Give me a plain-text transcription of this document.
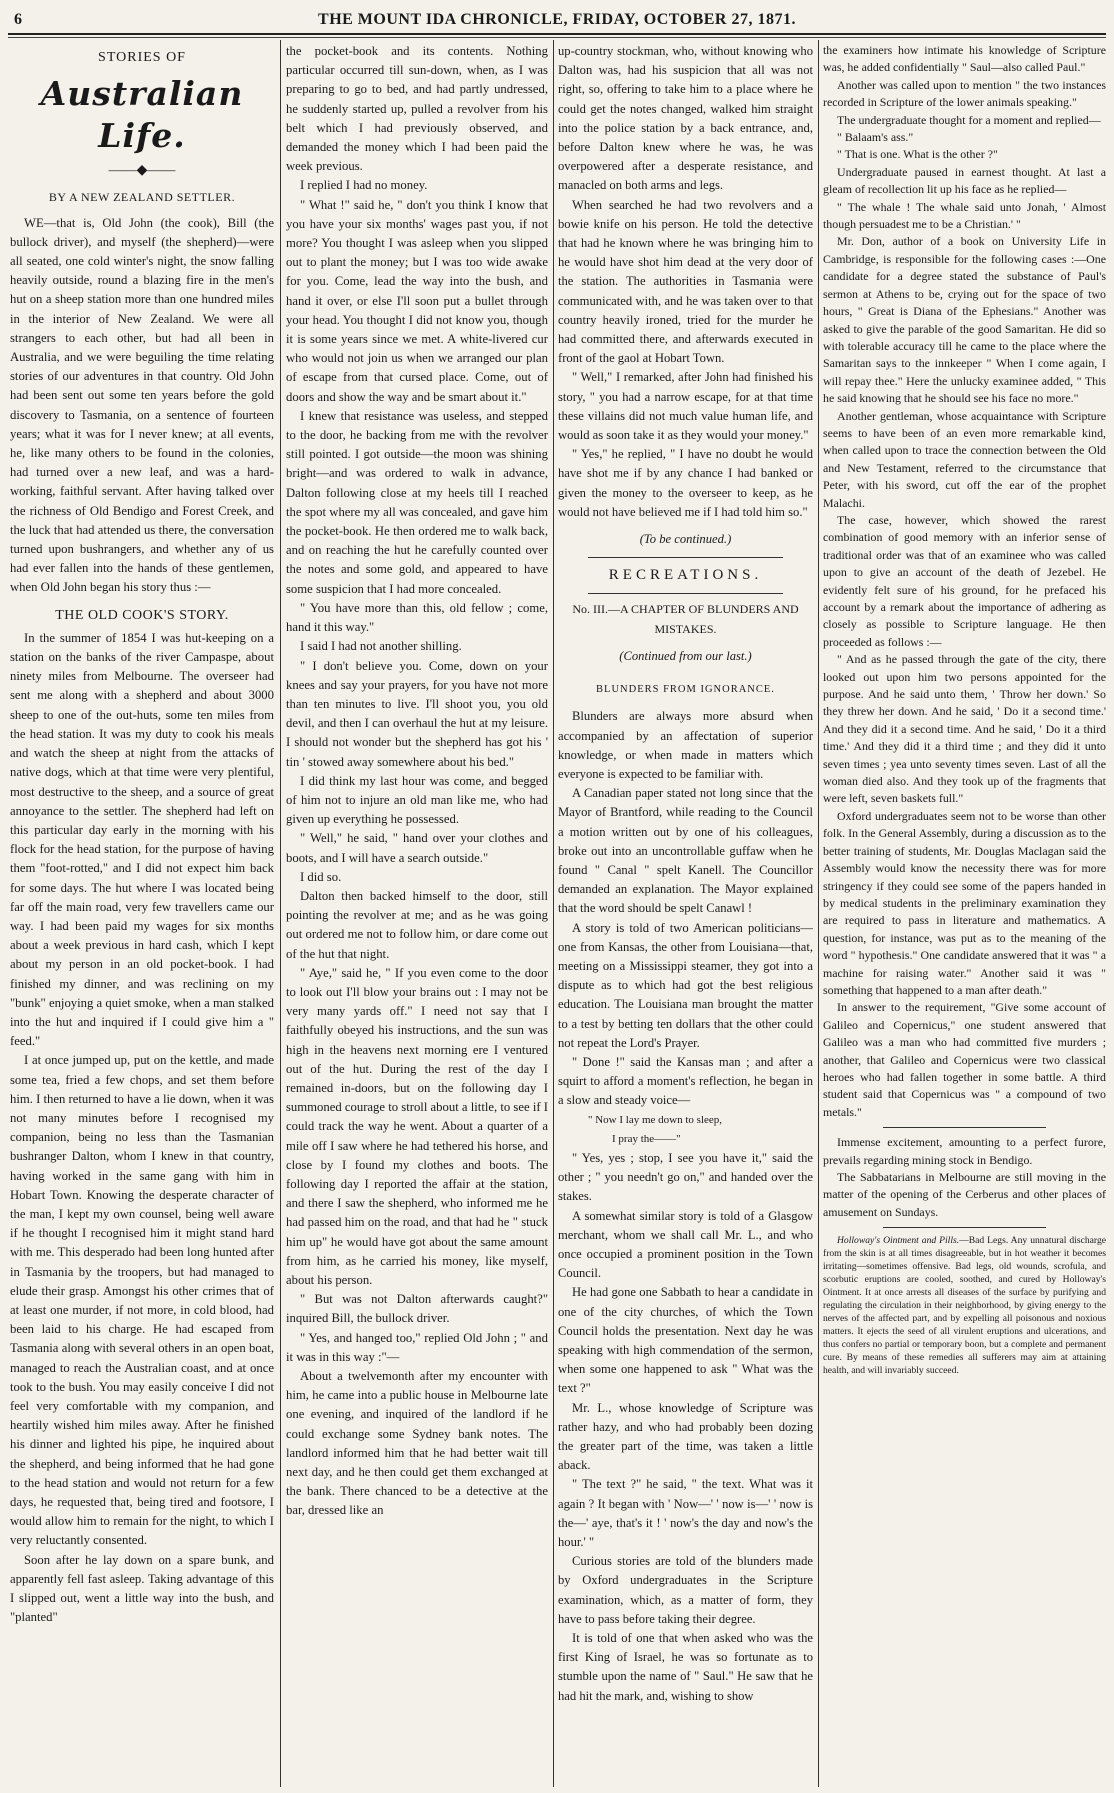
6	THE MOUNT IDA CHRONICLE, FRIDAY, OCTOBER 27, 1871.
STORIES OF
Australian Life.
——◆——
BY A NEW ZEALAND SETTLER.

WE—that is, Old John (the cook), Bill (the bullock driver), and myself (the shepherd)—were all seated, one cold winter's night, the snow falling heavily outside, round a blazing fire in the men's hut on a sheep station more than one hundred miles in the interior of New Zealand. We were all strangers to each other, but had all been in Australia, and we were beguiling the time relating stories of our adventures in that country. Old John had been sent out some ten years before the gold discovery to Tasmania, on a sentence of fourteen years; what it was for I never knew; at all events, he, like many others to be found in the colonies, had turned over a new leaf, and was a hard-working, faithful servant. After having talked over the richness of Old Bendigo and Forest Creek, and the luck that had attended us there, the conversation turned upon bushrangers, and whether any of us had ever fallen into the hands of these gentlemen, when Old John began his story thus :—

THE OLD COOK'S STORY.

In the summer of 1854 I was hut-keeping on a station on the banks of the river Campaspe, about ninety miles from Melbourne. The overseer had sent me along with a shepherd and about 3000 sheep to one of the out-huts, some ten miles from the head station. It was my duty to cook his meals and watch the sheep at night from the attacks of native dogs, which at that time were very plentiful, most destructive to the sheep, and a source of great annoyance to the settler. The shepherd had left on this particular day early in the morning with his flock for the head station, for the purpose of having them "foot-rotted," and I did not expect him back for some days. The hut where I was located being far off the main road, very few travellers came our way. I had been paid my wages for six months about a week previous in hard cash, which I kept about my person in an old pocket-book. I had finished my dinner, and was reclining on my "bunk" enjoying a quiet smoke, when a man stalked into the hut and inquired if I could give him a " feed."

I at once jumped up, put on the kettle, and made some tea, fried a few chops, and set them before him. I then returned to have a lie down, when it was not many minutes before I recognised my companion, being no less than the Tasmanian bushranger Dalton, whom I knew in that country, having worked in the same gang with him in Hobart Town. Knowing the desperate character of the man, I kept my own counsel, being well aware if he thought I recognised him it might stand hard with me. This desperado had been long hunted after in Tasmania by the troopers, but had managed to elude their grasp. Amongst his other crimes that of at least one murder, if not more, in cold blood, had been laid to his charge. He had escaped from Tasmania along with several others in an open boat, managed to reach the Australian coast, and at once took to the bush. You may easily conceive I did not feel very comfortable with my companion, and heartily wished him miles away. After he finished his dinner and lighted his pipe, he inquired about the shepherd, and being informed that he had gone to the head station and would not return for a few days, he requested that, being tired and footsore, I would allow him to remain for the night, to which I very reluctantly consented.

Soon after he lay down on a spare bunk, and apparently fell fast asleep. Taking advantage of this I slipped out, went a little way into the bush, and "planted"

the pocket-book and its contents. Nothing particular occurred till sun-down, when, as I was preparing to go to bed, and had partly undressed, he suddenly started up, pulled a revolver from his belt which I had previously observed, and demanded the money which I had been paid the week previous.

I replied I had no money.

" What !" said he, " don't you think I know that you have your six months' wages past you, if not more? You thought I was asleep when you slipped out to plant the money; but I was too wide awake for you. Come, lead the way into the bush, and hand it over, or else I'll soon put a bullet through your head. You thought I did not know you, though it is some years since we met. A white-livered cur who would not join us when we arranged our plan of escape from that cursed place. Come, out of doors and show the way and be smart about it."

I knew that resistance was useless, and stepped to the door, he backing from me with the revolver still pointed. I got outside—the moon was shining bright—and was ordered to walk in advance, Dalton following close at my heels till I reached the spot where my all was concealed, and gave him the pocket-book. He then ordered me to walk back, and on reaching the hut he carefully counted over the notes and some gold, and appeared to have some suspicion that I had more concealed.

" You have more than this, old fellow ; come, hand it this way."

I said I had not another shilling.

" I don't believe you. Come, down on your knees and say your prayers, for you have not more than ten minutes to live. I'll shoot you, you old devil, and then I can overhaul the hut at my leisure. I should not wonder but the shepherd has got his ' tin ' stowed away somewhere about his bed."

I did think my last hour was come, and begged of him not to injure an old man like me, who had given up everything he possessed.

" Well," he said, " hand over your clothes and boots, and I will have a search outside."

I did so.

Dalton then backed himself to the door, still pointing the revolver at me; and as he was going out ordered me not to follow him, or dare come out of the hut that night.

" Aye," said he, " If you even come to the door to look out I'll blow your brains out : I may not be very many yards off." I need not say that I faithfully obeyed his instructions, and the sun was high in the heavens next morning ere I ventured out of the hut. During the rest of the day I remained in-doors, but on the following day I summoned courage to stroll about a little, to see if I could track the way he went. About a quarter of a mile off I saw where he had tethered his horse, and close by I found my clothes and boots. The following day I reported the affair at the station, and there I saw the shepherd, who informed me he had passed him on the road, and that had he " stuck him up" he would have got about the same amount from him, as he carried his money, like myself, about his person.

" But was not Dalton afterwards caught?" inquired Bill, the bullock driver.

" Yes, and hanged too," replied Old John ; " and it was in this way :"—

About a twelvemonth after my encounter with him, he came into a public house in Melbourne late one evening, and inquired of the landlord if he could exchange some Sydney bank notes. The landlord informed him that he had better wait till next day, and he then could get them exchanged at the bank. There chanced to be a detective at the bar, dressed like an

up-country stockman, who, without knowing who Dalton was, had his suspicion that all was not right, so, offering to take him to a place where he could get the notes changed, walked him straight into the police station by a back entrance, and, before Dalton knew where he was, he was overpowered after a desperate resistance, and manacled on both arms and legs.

When searched he had two revolvers and a bowie knife on his person. He told the detective that had he known where he was bringing him to he would have shot him dead at the very door of the station. The authorities in Tasmania were communicated with, and he was taken over to that country heavily ironed, tried for the murder he had committed there, and afterwards executed in front of the gaol at Hobart Town.

" Well," I remarked, after John had finished his story, " you had a narrow escape, for at that time these villains did not much value human life, and would as soon take it as they would your money."

" Yes," he replied, " I have no doubt he would have shot me if by any chance I had banked or given the money to the overseer to keep, as he would not have believed me if I had told him so."

(To be continued.)
RECREATIONS.
No. III.—A CHAPTER OF BLUNDERS AND MISTAKES.
(Continued from our last.)
BLUNDERS FROM IGNORANCE.

Blunders are always more absurd when accompanied by an affectation of superior knowledge, or when made in matters which everyone is expected to be familiar with.

A Canadian paper stated not long since that the Mayor of Brantford, while reading to the Council a motion written out by one of his colleagues, broke out into an uncontrollable guffaw when he found " Canal " spelt Kanell. The Councillor demanded an explanation. The Mayor explained that the word should be spelt Canawl !

A story is told of two American politicians—one from Kansas, the other from Louisiana—that, meeting on a Mississippi steamer, they got into a dispute as to which had got the best religious education. The Louisiana man brought the matter to a test by betting ten dollars that the other could not repeat the Lord's Prayer.

" Done !" said the Kansas man ; and after a squirt to afford a moment's reflection, he began in a slow and steady voice—

" Now I lay me down to sleep,

I pray the——"

" Yes, yes ; stop, I see you have it," said the other ; " you needn't go on," and handed over the stakes.

A somewhat similar story is told of a Glasgow merchant, whom we shall call Mr. L., and who once occupied a prominent position in the Town Council.

He had gone one Sabbath to hear a candidate in one of the city churches, of which the Town Council holds the presentation. Next day he was speaking with high commendation of the sermon, when some one happened to ask " What was the text ?"

Mr. L., whose knowledge of Scripture was rather hazy, and who had probably been dozing the greater part of the time, was taken a little aback.

" The text ?" he said, " the text. What was it again ? It began with ' Now—' ' now is—' ' now is the—' aye, that's it ! ' now's the day and now's the hour.' "

Curious stories are told of the blunders made by Oxford undergraduates in the Scripture examination, which, as a matter of form, they have to pass before taking their degree.

It is told of one that when asked who was the first King of Israel, he was so fortunate as to stumble upon the name of " Saul." He saw that he had hit the mark, and, wishing to show

the examiners how intimate his knowledge of Scripture was, he added confidentially " Saul—also called Paul."

Another was called upon to mention " the two instances recorded in Scripture of the lower animals speaking."

The undergraduate thought for a moment and replied—

" Balaam's ass."

" That is one. What is the other ?"

Undergraduate paused in earnest thought. At last a gleam of recollection lit up his face as he replied—

" The whale ! The whale said unto Jonah, ' Almost though persuadest me to be a Christian.' "

Mr. Don, author of a book on University Life in Cambridge, is responsible for the following cases :—One candidate for a degree stated the substance of Paul's sermon at Athens to be, crying out for the space of two hours, " Great is Diana of the Ephesians." Another was asked to give the parable of the good Samaritan. He did so with tolerable accuracy till he came to the place where the Samaritan says to the innkeeper " When I come again, I will repay thee." Here the unlucky examinee added, " This he said knowing that he should see his face no more."

Another gentleman, whose acquaintance with Scripture seems to have been of an even more remarkable kind, when called upon to trace the connection between the Old and New Testament, referred to the circumstance that Peter, with his sword, cut off the ear of the prophet Malachi.

The case, however, which showed the rarest combination of good memory with an inferior sense of traditional order was that of an examinee who was called upon to give an account of the death of Jezebel. He evidently felt sure of his ground, for he prefaced his account by a remark about the importance of adhering as closely as possible to Scripture language. He then proceeded as follows :—

" And as he passed through the gate of the city, there looked out upon him two persons appointed for the purpose. And he said unto them, ' Throw her down.' So they threw her down. And he said, ' Do it a second time.' And they did it a second time. And he said, ' Do it a third time.' And they did it a third time ; and they did it unto seven times ; yea unto seventy times seven. Last of all the woman died also. And they took up of the fragments that were left, seven baskets full."

Oxford undergraduates seem not to be worse than other folk. In the General Assembly, during a discussion as to the better training of students, Mr. Douglas Maclagan said the Assembly would know the necessity there was for more stringency if they could see some of the papers handed in by medical students in the preliminary examination they are required to pass in literature and mathematics. A question, for instance, was put as to the meaning of the word " hypothesis." One candidate answered that it was " a machine for raising water." Another said it was " something that happened to a man after death."

In answer to the requirement, "Give some account of Galileo and Copernicus," one student answered that Galileo was a man who had committed five murders ; another, that Galileo and Copernicus were two classical heroes who had fallen together in some battle. A third student said that Copernicus was " a compound of two metals."

Immense excitement, amounting to a perfect furore, prevails regarding mining stock in Bendigo.

The Sabbatarians in Melbourne are still moving in the matter of the opening of the Cerberus and other places of amusement on Sundays.

Holloway's Ointment and Pills.—Bad Legs. Any unnatural discharge from the skin is at all times disagreeable, but in hot weather it becomes irritating—sometimes offensive. Bad legs, old wounds, scrofula, and scorbutic eruptions are cooled, soothed, and cured by Holloway's Ointment. It at once arrests all diseases of the surface by purifying and regulating the circulation in their neighborhood, by giving energy to the nerves of the affected part, and by expelling all poisonous and noxious matters. It ejects the seed of all virulent eruptions and ulcerations, and thus confers no partial or temporary boon, but a complete and permanent cure. By means of these remedies all sufferers may aim at attaining health, and will invariably succeed.
